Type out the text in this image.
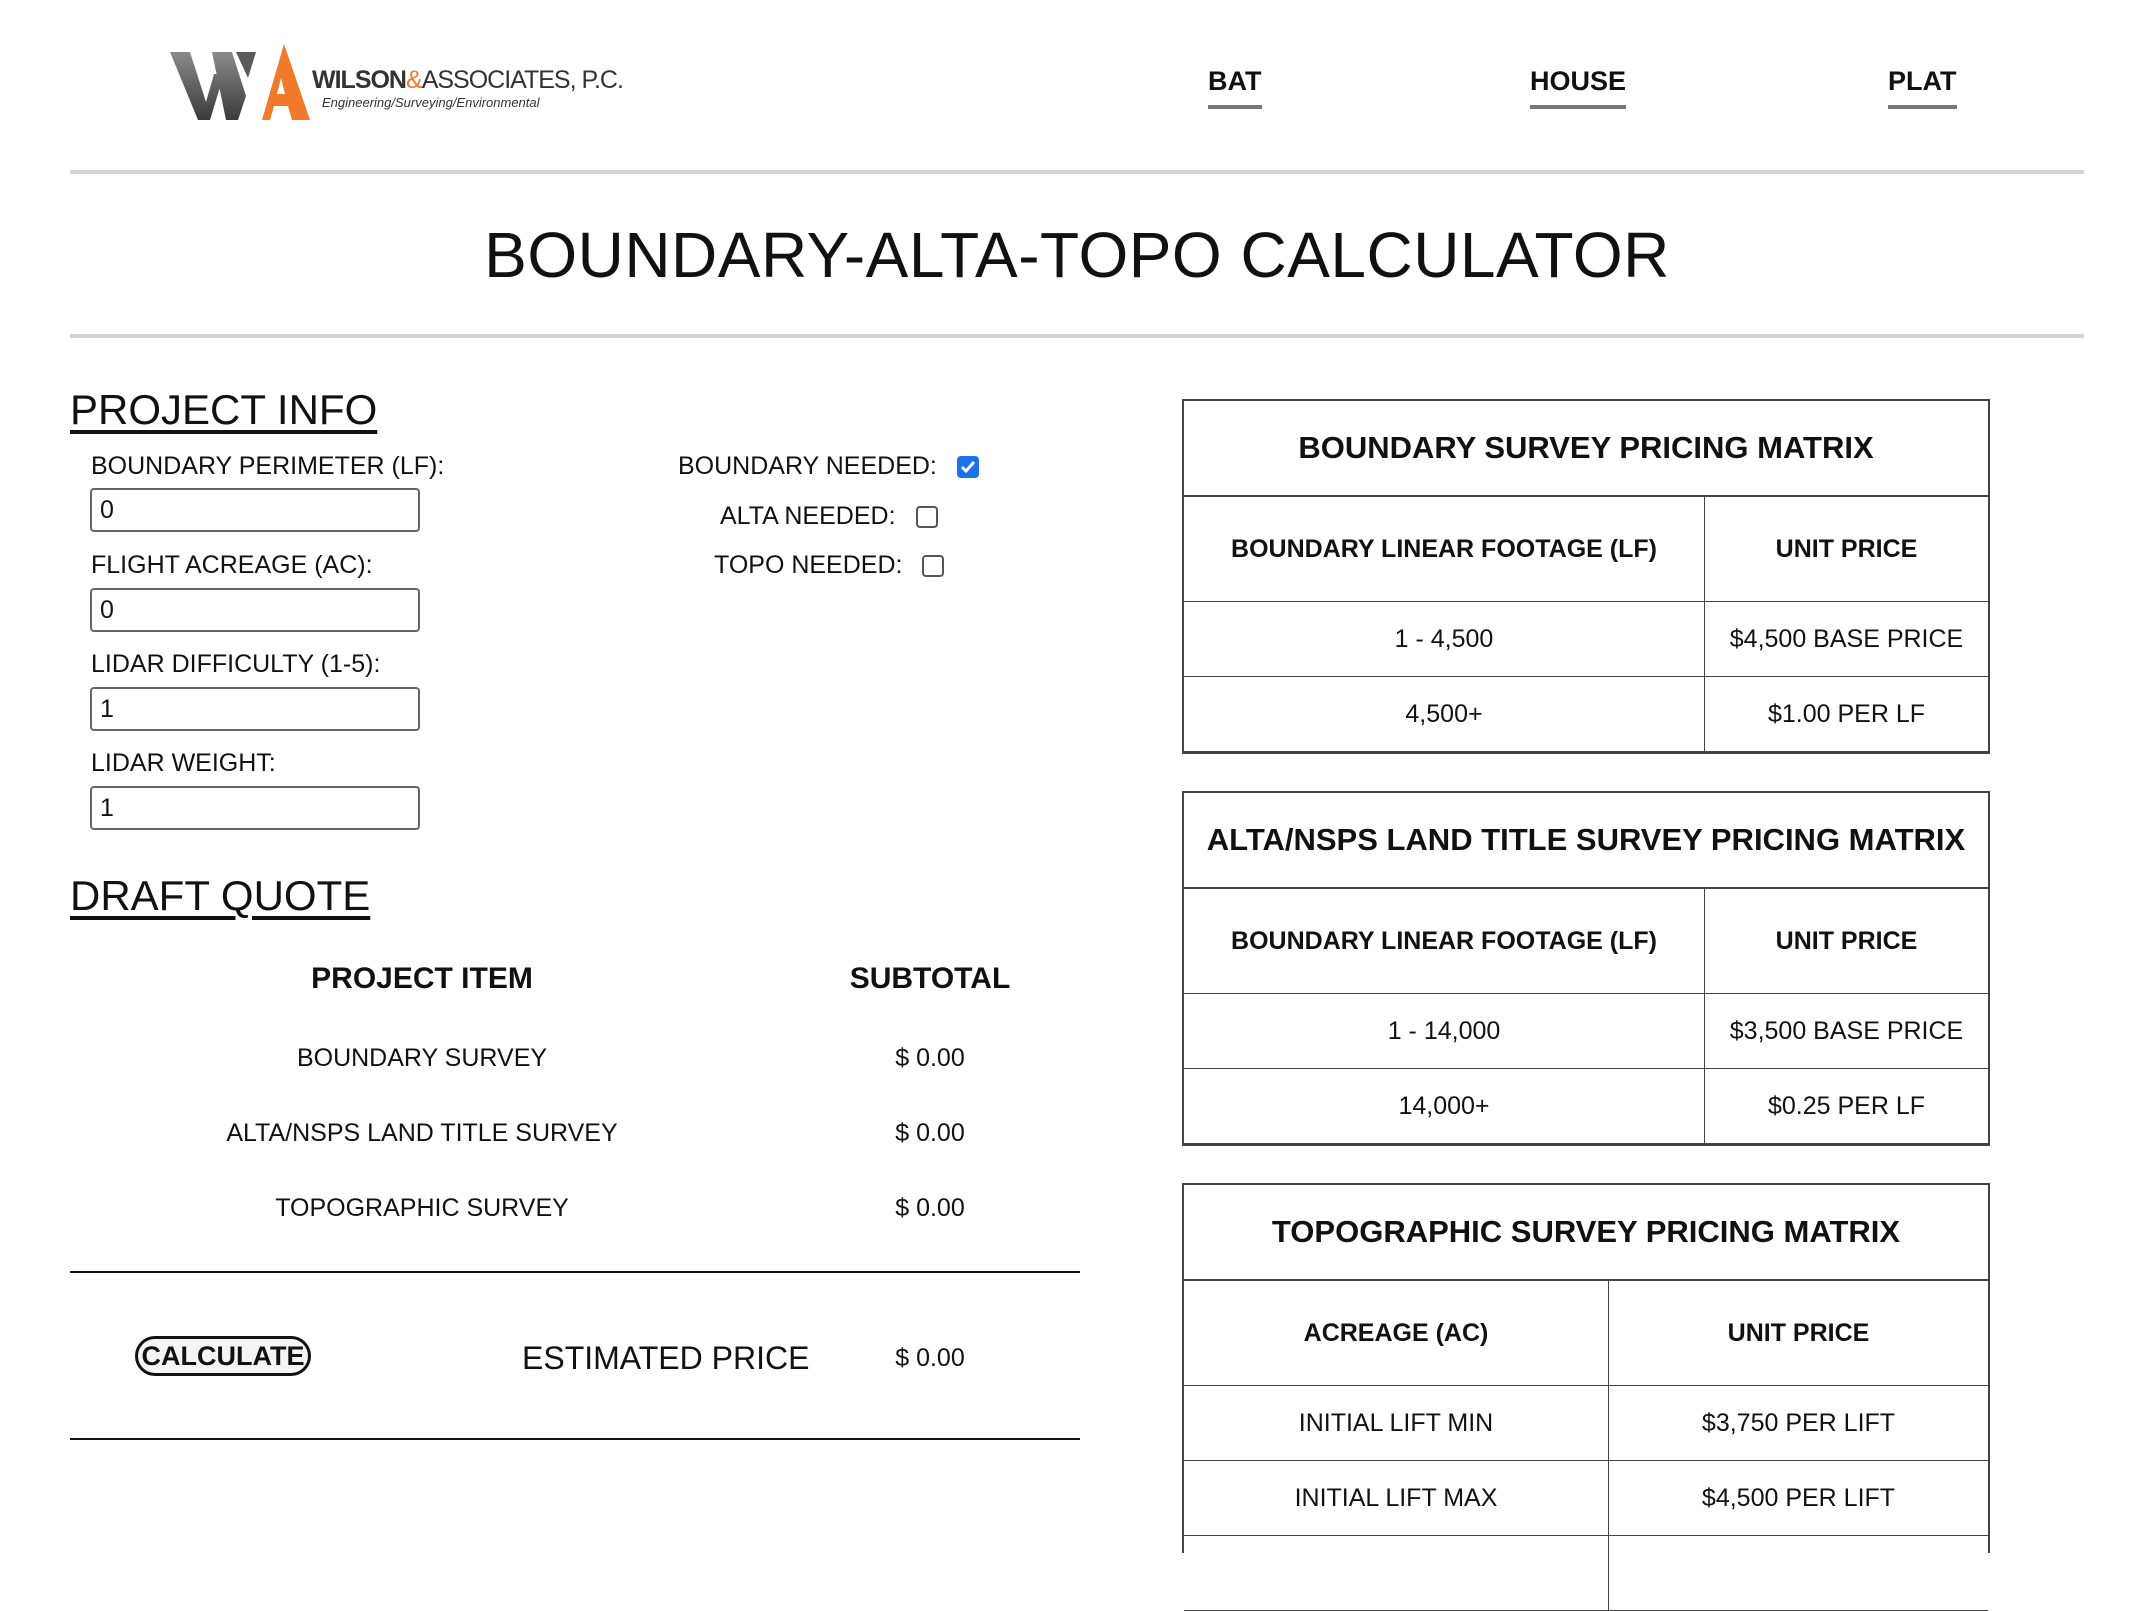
WILSON&ASSOCIATES, P.C.
Engineering/Surveying/Environmental
BAT	HOUSE	PLAT
BOUNDARY-ALTA-TOPO CALCULATOR
PROJECT INFO
BOUNDARY PERIMETER (LF):
0
FLIGHT ACREAGE (AC):
0
LIDAR DIFFICULTY (1-5):
1
LIDAR WEIGHT:
1
BOUNDARY NEEDED:
ALTA NEEDED:
TOPO NEEDED:
DRAFT QUOTE
PROJECT ITEM	SUBTOTAL
BOUNDARY SURVEY	$ 0.00
ALTA/NSPS LAND TITLE SURVEY	$ 0.00
TOPOGRAPHIC SURVEY	$ 0.00
CALCULATE	ESTIMATED PRICE	$ 0.00
BOUNDARY SURVEY PRICING MATRIX
BOUNDARY LINEAR FOOTAGE (LF)	UNIT PRICE
1 - 4,500	$4,500 BASE PRICE
4,500+	$1.00 PER LF
ALTA/NSPS LAND TITLE SURVEY PRICING MATRIX
BOUNDARY LINEAR FOOTAGE (LF)	UNIT PRICE
1 - 14,000	$3,500 BASE PRICE
14,000+	$0.25 PER LF
TOPOGRAPHIC SURVEY PRICING MATRIX
ACREAGE (AC)	UNIT PRICE
INITIAL LIFT MIN	$3,750 PER LIFT
INITIAL LIFT MAX	$4,500 PER LIFT
